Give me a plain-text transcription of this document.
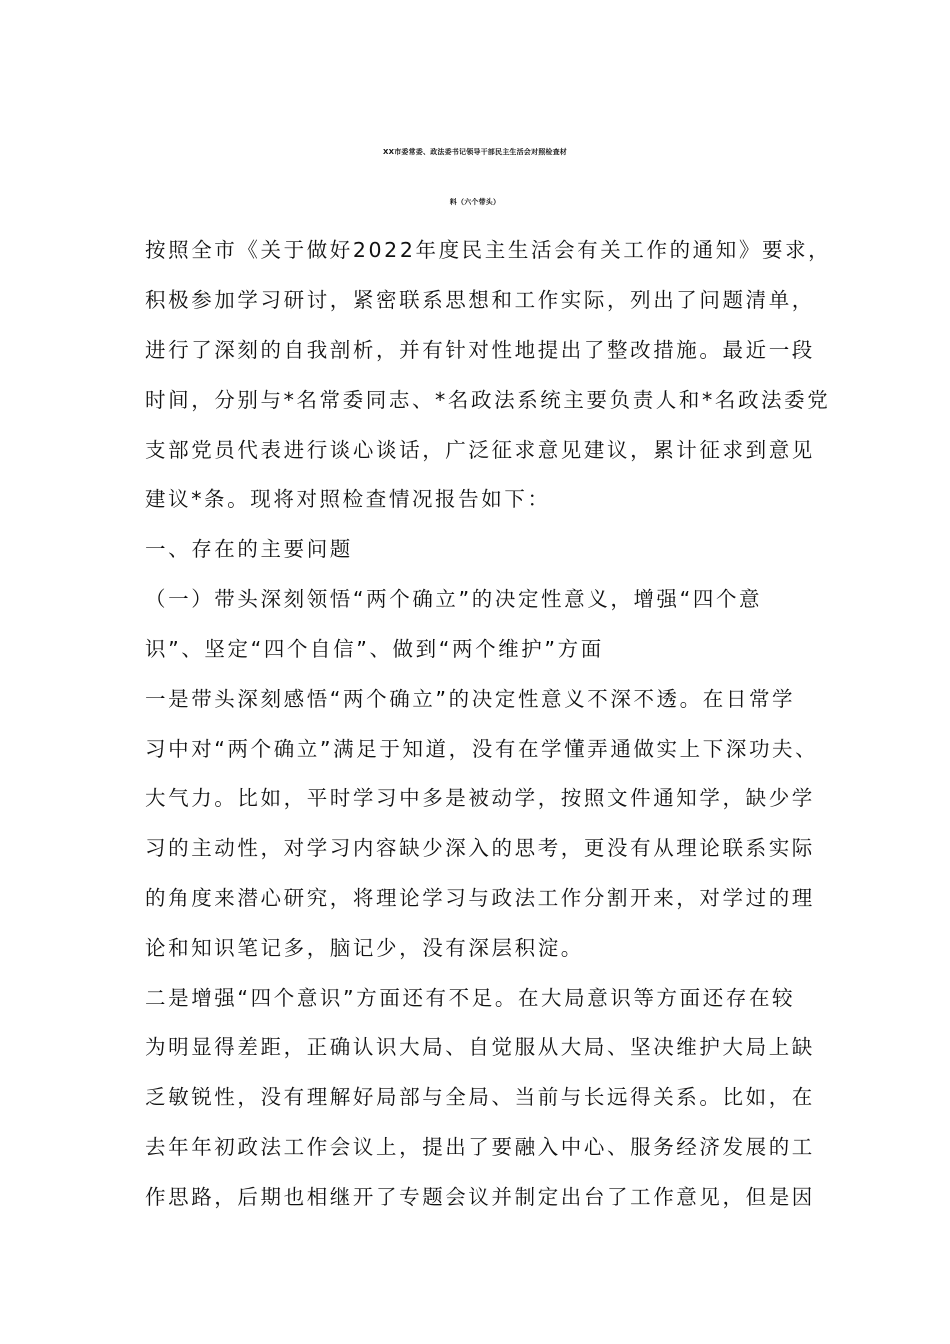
XX市委常委、政法委书记领导干部民主生活会对照检查材
料（六个带头）
按照全市《关于做好2022年度民主生活会有关工作的通知》要求，
积极参加学习研讨，紧密联系思想和工作实际，列出了问题清单，
进行了深刻的自我剖析，并有针对性地提出了整改措施。最近一段
时间，分别与*名常委同志、*名政法系统主要负责人和*名政法委党
支部党员代表进行谈心谈话，广泛征求意见建议，累计征求到意见
建议*条。现将对照检查情况报告如下：
一、存在的主要问题
（一）带头深刻领悟“两个确立”的决定性意义，增强“四个意
识”、坚定“四个自信”、做到“两个维护”方面
一是带头深刻感悟“两个确立”的决定性意义不深不透。在日常学
习中对“两个确立”满足于知道，没有在学懂弄通做实上下深功夫、
大气力。比如，平时学习中多是被动学，按照文件通知学，缺少学
习的主动性，对学习内容缺少深入的思考，更没有从理论联系实际
的角度来潜心研究，将理论学习与政法工作分割开来，对学过的理
论和知识笔记多，脑记少，没有深层积淀。
二是增强“四个意识”方面还有不足。在大局意识等方面还存在较
为明显得差距，正确认识大局、自觉服从大局、坚决维护大局上缺
乏敏锐性，没有理解好局部与全局、当前与长远得关系。比如，在
去年年初政法工作会议上，提出了要融入中心、服务经济发展的工
作思路，后期也相继开了专题会议并制定出台了工作意见，但是因
